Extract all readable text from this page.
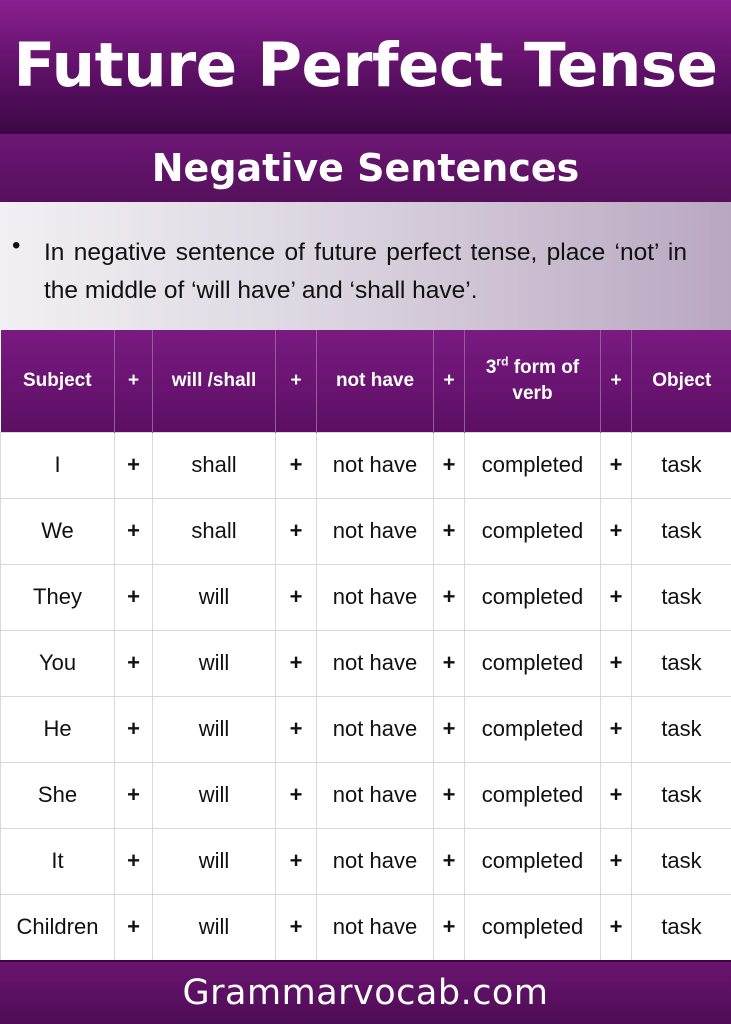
Future Perfect Tense
Negative Sentences
• In negative sentence of future perfect tense, place ‘not’ in the middle of ‘will have’ and ‘shall have’.

Subject	+	will /shall	+	not have	+	3rd form of verb	+	Object
I	+	shall	+	not have	+	completed	+	task
We	+	shall	+	not have	+	completed	+	task
They	+	will	+	not have	+	completed	+	task
You	+	will	+	not have	+	completed	+	task
He	+	will	+	not have	+	completed	+	task
She	+	will	+	not have	+	completed	+	task
It	+	will	+	not have	+	completed	+	task
Children	+	will	+	not have	+	completed	+	task
Grammarvocab.com
